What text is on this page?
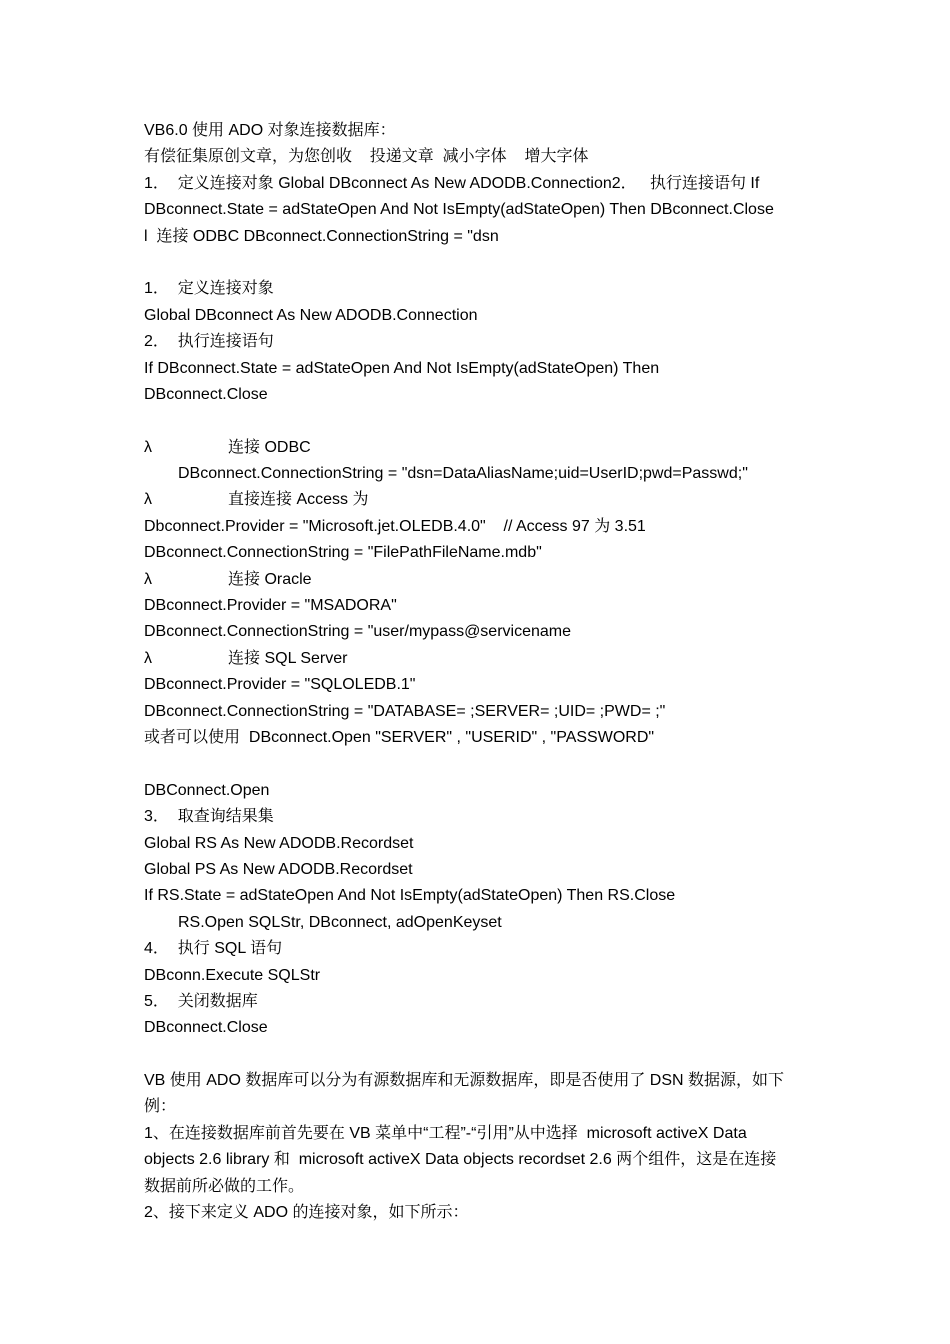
VB6.0 使用 ADO 对象连接数据库：
有偿征集原创文章，为您创收    投递文章  减小字体    增大字体
1．  定义连接对象 Global DBconnect As New ADODB.Connection2．   执行连接语句 If
DBconnect.State = adStateOpen And Not IsEmpty(adStateOpen) Then DBconnect.Close
l  连接 ODBC DBconnect.ConnectionString = "dsn
1．  定义连接对象
Global DBconnect As New ADODB.Connection
2．  执行连接语句
If DBconnect.State = adStateOpen And Not IsEmpty(adStateOpen) Then
DBconnect.Close
λ	连接 ODBC
DBconnect.ConnectionString = "dsn=DataAliasName;uid=UserID;pwd=Passwd;"
λ	直接连接 Access 为
Dbconnect.Provider = "Microsoft.jet.OLEDB.4.0"    // Access 97 为 3.51
DBconnect.ConnectionString = "FilePathFileName.mdb"
λ	连接 Oracle
DBconnect.Provider = "MSADORA"
DBconnect.ConnectionString = "user/mypass@servicename
λ	连接 SQL Server
DBconnect.Provider = "SQLOLEDB.1"
DBconnect.ConnectionString = "DATABASE= ;SERVER= ;UID= ;PWD= ;"
或者可以使用  DBconnect.Open "SERVER" , "USERID" , "PASSWORD"
DBConnect.Open
3．  取查询结果集
Global RS As New ADODB.Recordset
Global PS As New ADODB.Recordset
If RS.State = adStateOpen And Not IsEmpty(adStateOpen) Then RS.Close
RS.Open SQLStr, DBconnect, adOpenKeyset
4．  执行 SQL 语句
DBconn.Execute SQLStr
5．  关闭数据库
DBconnect.Close
VB 使用 ADO 数据库可以分为有源数据库和无源数据库，即是否使用了 DSN 数据源，如下
例：
1、在连接数据库前首先要在 VB 菜单中“工程”-“引用”从中选择  microsoft activeX Data
objects 2.6 library 和  microsoft activeX Data objects recordset 2.6 两个组件，这是在连接
数据前所必做的工作。
2、接下来定义 ADO 的连接对象，如下所示：
